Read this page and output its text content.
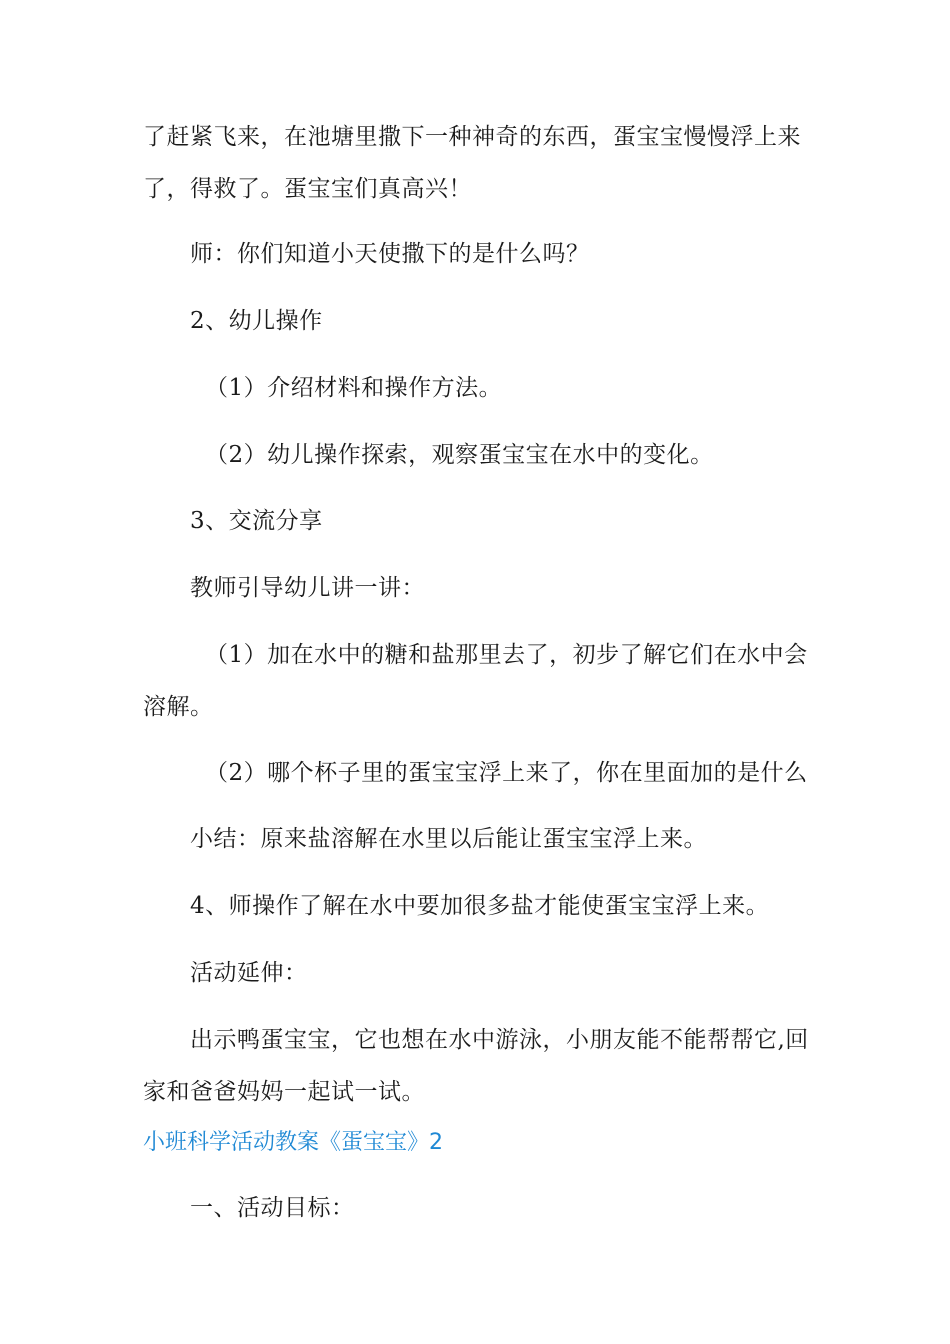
了赶紧飞来，在池塘里撒下一种神奇的东西，蛋宝宝慢慢浮上来
了，得救了。蛋宝宝们真高兴！
师：你们知道小天使撒下的是什么吗？
2、幼儿操作
（1）介绍材料和操作方法。
（2）幼儿操作探索，观察蛋宝宝在水中的变化。
3、交流分享
教师引导幼儿讲一讲：
（1）加在水中的糖和盐那里去了，初步了解它们在水中会
溶解。
（2）哪个杯子里的蛋宝宝浮上来了，你在里面加的是什么
小结：原来盐溶解在水里以后能让蛋宝宝浮上来。
4、师操作了解在水中要加很多盐才能使蛋宝宝浮上来。
活动延伸：
出示鸭蛋宝宝，它也想在水中游泳，小朋友能不能帮帮它,回
家和爸爸妈妈一起试一试。
小班科学活动教案《蛋宝宝》2
一、活动目标：
